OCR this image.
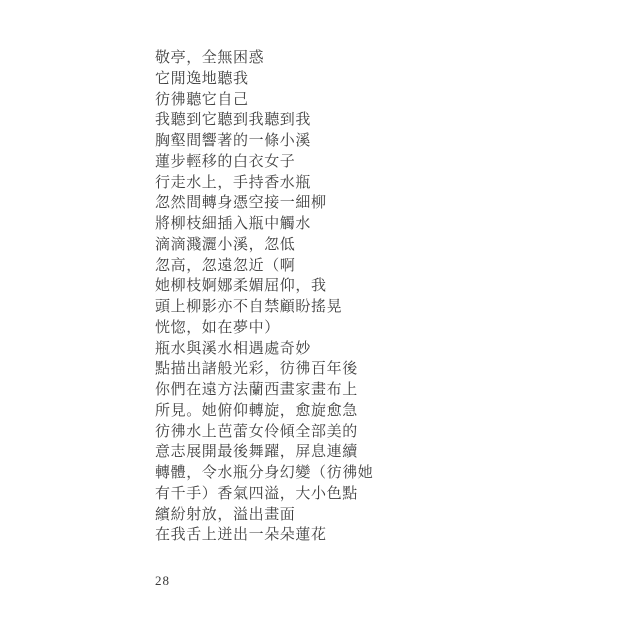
敬亭，全無困惑
它閒逸地聽我
彷彿聽它自己
我聽到它聽到我聽到我
胸壑間響著的一條小溪
蓮步輕移的白衣女子
行走水上，手持香水瓶
忽然間轉身憑空接一細柳
將柳枝細插入瓶中觸水
滴滴濺灑小溪，忽低
忽高，忽遠忽近（啊
她柳枝婀娜柔媚屈仰，我
頭上柳影亦不自禁顧盼搖晃
恍惚，如在夢中）
瓶水與溪水相遇處奇妙
點描出諸般光彩，彷彿百年後
你們在遠方法蘭西畫家畫布上
所見。她俯仰轉旋，愈旋愈急
彷彿水上芭蕾女伶傾全部美的
意志展開最後舞躍，屏息連續
轉體，令水瓶分身幻變（彷彿她
有千手）香氣四溢，大小色點
繽紛射放，溢出畫面
在我舌上迸出一朵朵蓮花
28
